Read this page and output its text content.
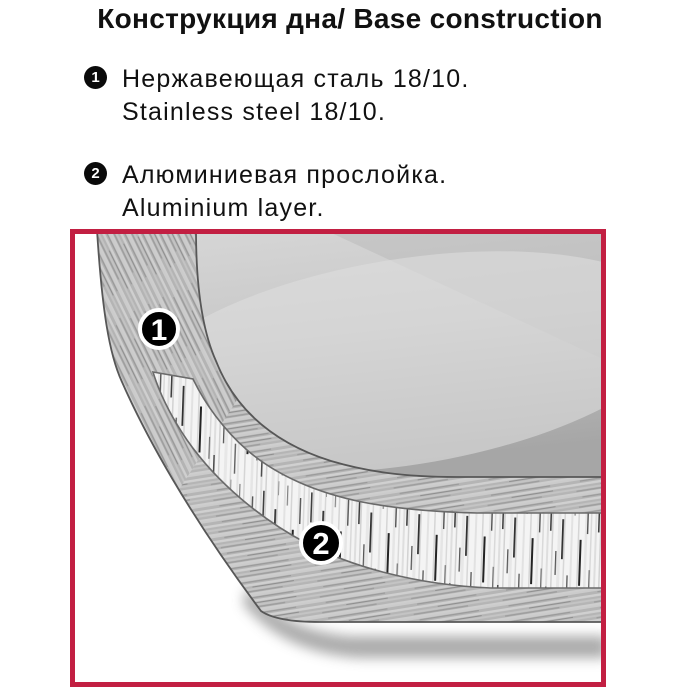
Конструкция дна/ Base construction
1 Нержавеющая сталь 18/10.
Stainless steel 18/10.
2 Алюминиевая прослойка.
Aluminium layer.
1
2
